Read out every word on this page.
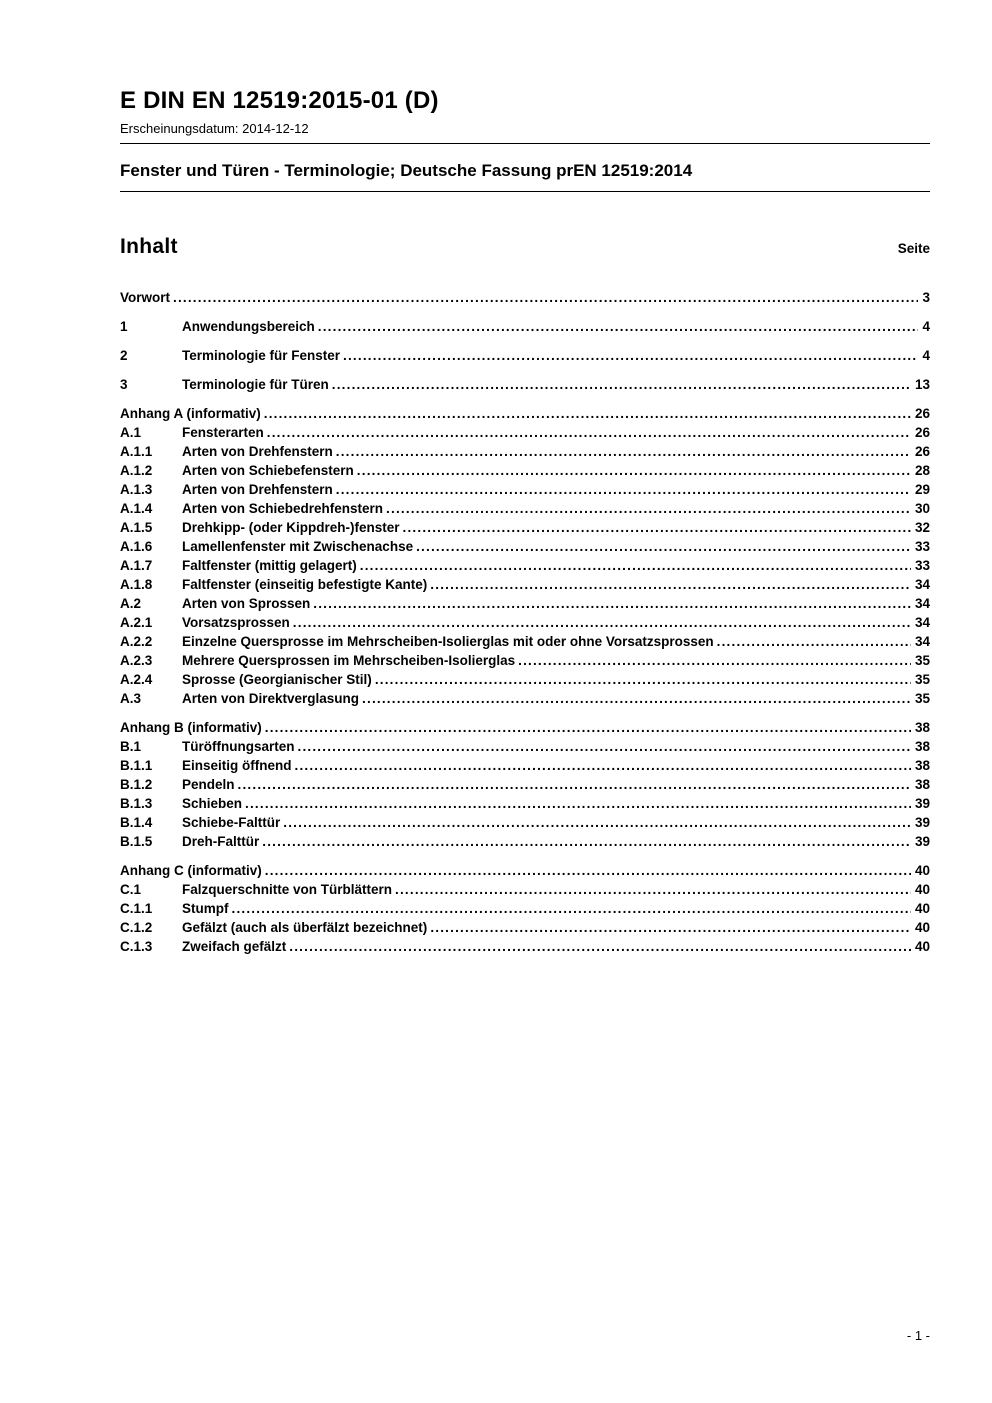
E DIN EN 12519:2015-01 (D)
Erscheinungsdatum: 2014-12-12
Fenster und Türen - Terminologie; Deutsche Fassung prEN 12519:2014
Inhalt	Seite
Vorwort .....	3
1	Anwendungsbereich .....	4
2	Terminologie für Fenster .....	4
3	Terminologie für Türen .....	13
Anhang A (informativ) .....	26
A.1	Fensterarten .....	26
A.1.1	Arten von Drehfenstern .....	26
A.1.2	Arten von Schiebefenstern .....	28
A.1.3	Arten von Drehfenstern .....	29
A.1.4	Arten von Schiebedrehfenstern .....	30
A.1.5	Drehkipp- (oder Kippdreh-)fenster .....	32
A.1.6	Lamellenfenster mit Zwischenachse .....	33
A.1.7	Faltfenster (mittig gelagert) .....	33
A.1.8	Faltfenster (einseitig befestigte Kante) .....	34
A.2	Arten von Sprossen .....	34
A.2.1	Vorsatzsprossen .....	34
A.2.2	Einzelne Quersprosse im Mehrscheiben-Isolierglas mit oder ohne Vorsatzsprossen .....	34
A.2.3	Mehrere Quersprossen im Mehrscheiben-Isolierglas .....	35
A.2.4	Sprosse (Georgianischer Stil) .....	35
A.3	Arten von Direktverglasung .....	35
Anhang B (informativ) .....	38
B.1	Türöffnungsarten .....	38
B.1.1	Einseitig öffnend .....	38
B.1.2	Pendeln .....	38
B.1.3	Schieben .....	39
B.1.4	Schiebe-Falttür .....	39
B.1.5	Dreh-Falttür .....	39
Anhang C (informativ) .....	40
C.1	Falzquerschnitte von Türblättern .....	40
C.1.1	Stumpf .....	40
C.1.2	Gefälzt (auch als überfälzt bezeichnet) .....	40
C.1.3	Zweifach gefälzt .....	40
- 1 -
